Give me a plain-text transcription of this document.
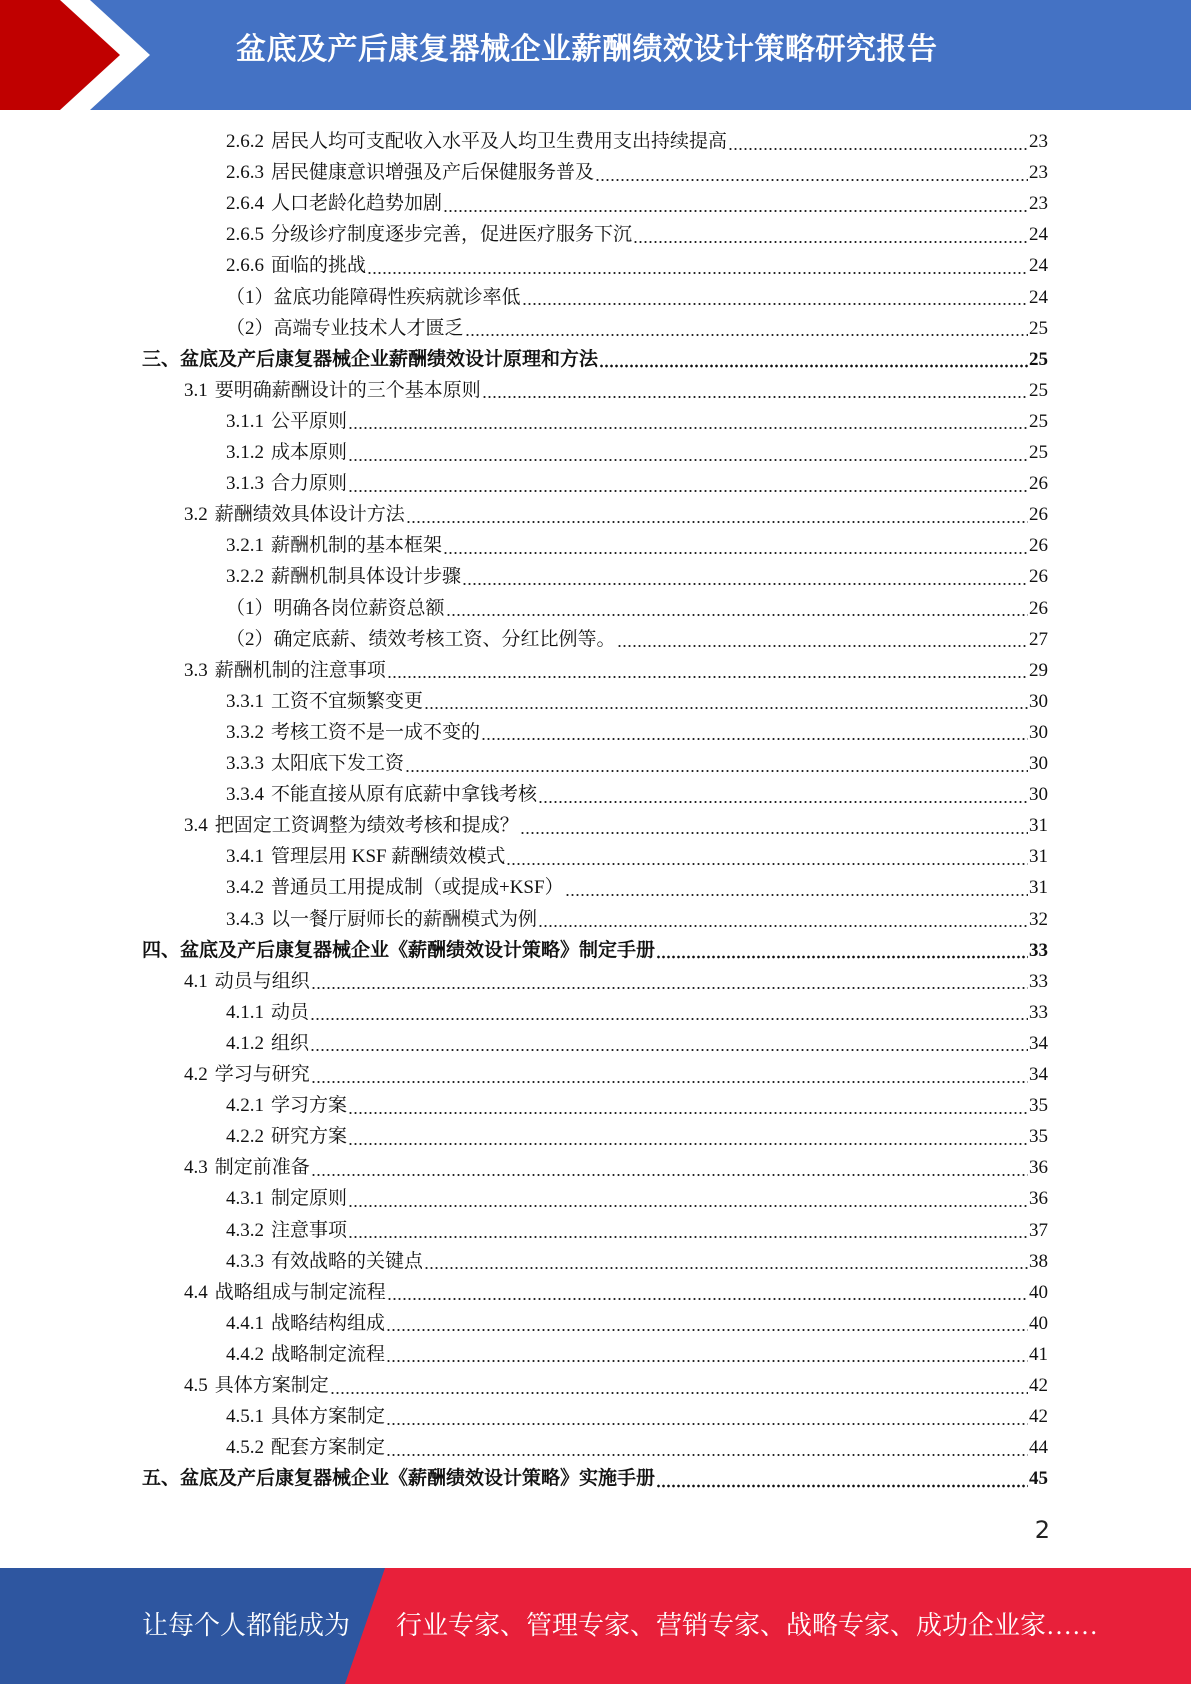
盆底及产后康复器械企业薪酬绩效设计策略研究报告
2.6.2 居民人均可支配收入水平及人均卫生费用支出持续提高	23
2.6.3 居民健康意识增强及产后保健服务普及	23
2.6.4 人口老龄化趋势加剧	23
2.6.5 分级诊疗制度逐步完善，促进医疗服务下沉	24
2.6.6 面临的挑战	24
（1）盆底功能障碍性疾病就诊率低	24
（2）高端专业技术人才匮乏	25
三、盆底及产后康复器械企业薪酬绩效设计原理和方法	25
3.1 要明确薪酬设计的三个基本原则	25
3.1.1 公平原则	25
3.1.2 成本原则	25
3.1.3 合力原则	26
3.2 薪酬绩效具体设计方法	26
3.2.1 薪酬机制的基本框架	26
3.2.2 薪酬机制具体设计步骤	26
（1）明确各岗位薪资总额	26
（2）确定底薪、绩效考核工资、分红比例等。	27
3.3 薪酬机制的注意事项	29
3.3.1 工资不宜频繁变更	30
3.3.2 考核工资不是一成不变的	30
3.3.3 太阳底下发工资	30
3.3.4 不能直接从原有底薪中拿钱考核	30
3.4 把固定工资调整为绩效考核和提成？	31
3.4.1 管理层用 KSF 薪酬绩效模式	31
3.4.2 普通员工用提成制（或提成+KSF）	31
3.4.3 以一餐厅厨师长的薪酬模式为例	32
四、盆底及产后康复器械企业《薪酬绩效设计策略》制定手册	33
4.1 动员与组织	33
4.1.1 动员	33
4.1.2 组织	34
4.2 学习与研究	34
4.2.1 学习方案	35
4.2.2 研究方案	35
4.3 制定前准备	36
4.3.1 制定原则	36
4.3.2 注意事项	37
4.3.3 有效战略的关键点	38
4.4 战略组成与制定流程	40
4.4.1 战略结构组成	40
4.4.2 战略制定流程	41
4.5 具体方案制定	42
4.5.1 具体方案制定	42
4.5.2 配套方案制定	44
五、盆底及产后康复器械企业《薪酬绩效设计策略》实施手册	45
2
让每个人都能成为 行业专家、管理专家、营销专家、战略专家、成功企业家……
